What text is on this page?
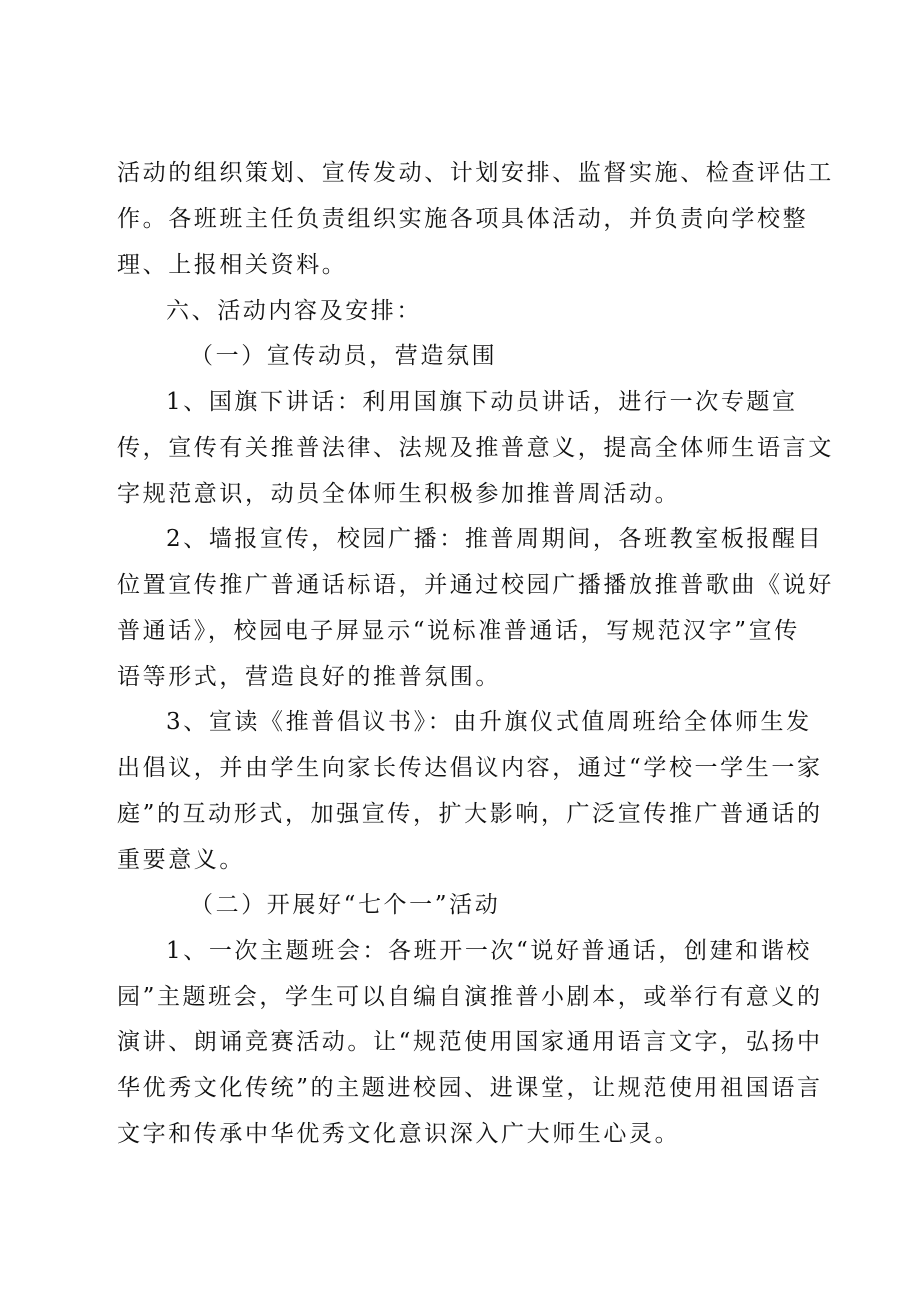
活动的组织策划、宣传发动、计划安排、监督实施、检查评估工
作。各班班主任负责组织实施各项具体活动，并负责向学校整
理、上报相关资料。
六、活动内容及安排：
（一）宣传动员，营造氛围
1、国旗下讲话：利用国旗下动员讲话，进行一次专题宣
传，宣传有关推普法律、法规及推普意义，提高全体师生语言文
字规范意识，动员全体师生积极参加推普周活动。
2、墙报宣传，校园广播：推普周期间，各班教室板报醒目
位置宣传推广普通话标语，并通过校园广播播放推普歌曲《说好
普通话》，校园电子屏显示“说标准普通话，写规范汉字”宣传
语等形式，营造良好的推普氛围。
3、宣读《推普倡议书》：由升旗仪式值周班给全体师生发
出倡议，并由学生向家长传达倡议内容，通过“学校一学生一家
庭”的互动形式，加强宣传，扩大影响，广泛宣传推广普通话的
重要意义。
（二）开展好“七个一”活动
1、一次主题班会：各班开一次“说好普通话，创建和谐校
园”主题班会，学生可以自编自演推普小剧本，或举行有意义的
演讲、朗诵竞赛活动。让“规范使用国家通用语言文字，弘扬中
华优秀文化传统”的主题进校园、进课堂，让规范使用祖国语言
文字和传承中华优秀文化意识深入广大师生心灵。
